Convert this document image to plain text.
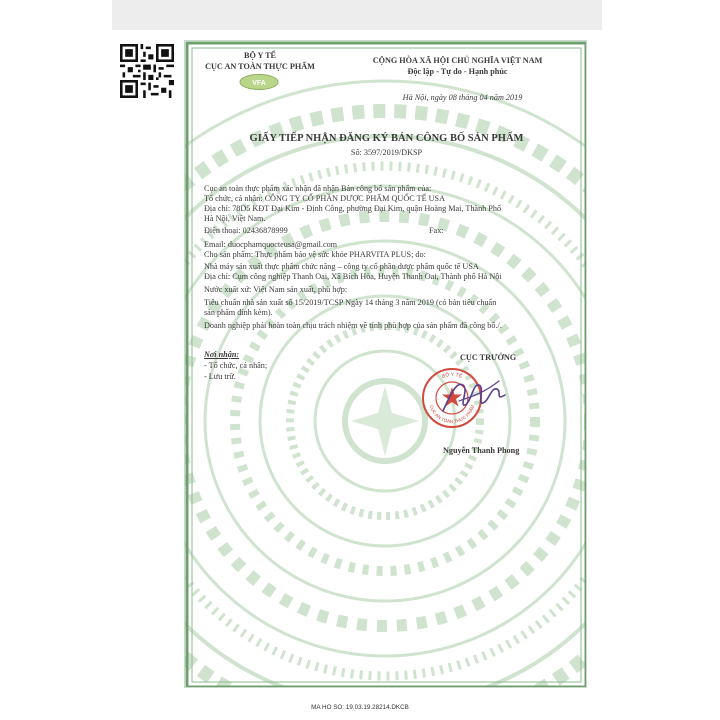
BỘ Y TẾ
CỤC AN TOÀN THỰC PHẨM
VFA
CỘNG HÒA XÃ HỘI CHỦ NGHĨA VIỆT NAM
Độc lập - Tự do - Hạnh phúc
Hà Nội, ngày 08 tháng 04 năm 2019
GIẤY TIẾP NHẬN ĐĂNG KÝ BẢN CÔNG BỐ SẢN PHẨM
Số: 3597/2019/DKSP
Cục an toàn thực phẩm xác nhận đã nhận Bản công bố sản phẩm của:
Tổ chức, cá nhân: CÔNG TY CỔ PHẦN DƯỢC PHẨM QUỐC TẾ USA
Địa chỉ: 78D5 KĐT Đại Kim - Định Công, phường Đại Kim, quận Hoàng Mai, Thành Phố
Hà Nội, Việt Nam.
Điện thoại: 02436878999	Fax:
Email: duocphamquocteusa@gmail.com
Cho sản phẩm: Thực phẩm bảo vệ sức khỏe PHARVITA PLUS; do:
Nhà máy sản xuất thực phẩm chức năng – công ty cổ phần dược phẩm quốc tế USA
Địa chỉ: Cụm công nghiệp Thanh Oai, Xã Bích Hòa, Huyện Thanh Oai, Thành phố Hà Nội
Nước xuất xứ: Việt Nam sản xuất, phù hợp:
Tiêu chuẩn nhà sản xuất số 15/2019/TCSP Ngày 14 tháng 3 năm 2019 (có bản tiêu chuẩn
sản phẩm đính kèm).
Doanh nghiệp phải hoàn toàn chịu trách nhiệm về tính phù hợp của sản phẩm đã công bố./.
Nơi nhận:
- Tổ chức, cá nhân;
- Lưu trữ.
CỤC TRƯỞNG
BỘ Y TẾ
CỤC AN TOÀN THỰC PHẨM
Nguyễn Thanh Phong
MA HO SO: 19.03.19.28214.DKCB
